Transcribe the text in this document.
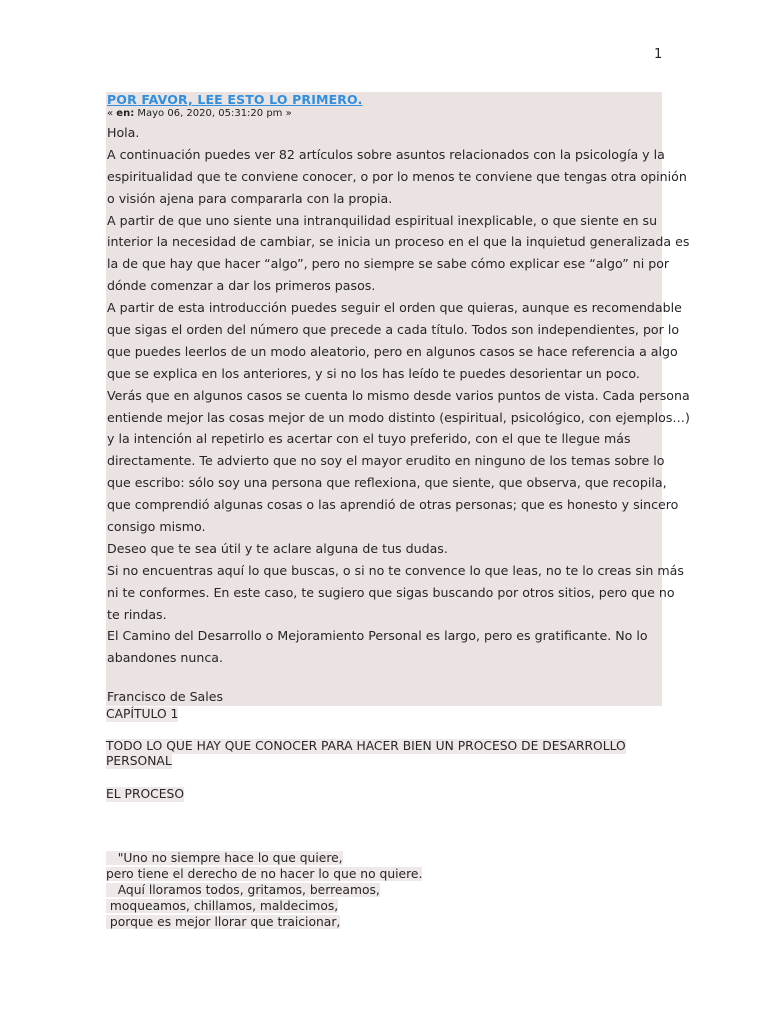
1
POR FAVOR, LEE ESTO LO PRIMERO.
« en: Mayo 06, 2020, 05:31:20 pm »
Hola.
A continuación puedes ver 82 artículos sobre asuntos relacionados con la psicología y la
espiritualidad que te conviene conocer, o por lo menos te conviene que tengas otra opinión
o visión ajena para compararla con la propia.
A partir de que uno siente una intranquilidad espiritual inexplicable, o que siente en su
interior la necesidad de cambiar, se inicia un proceso en el que la inquietud generalizada es
la de que hay que hacer “algo”, pero no siempre se sabe cómo explicar ese “algo” ni por
dónde comenzar a dar los primeros pasos.
A partir de esta introducción puedes seguir el orden que quieras, aunque es recomendable
que sigas el orden del número que precede a cada título. Todos son independientes, por lo
que puedes leerlos de un modo aleatorio, pero en algunos casos se hace referencia a algo
que se explica en los anteriores, y si no los has leído te puedes desorientar un poco.
Verás que en algunos casos se cuenta lo mismo desde varios puntos de vista. Cada persona
entiende mejor las cosas mejor de un modo distinto (espiritual, psicológico, con ejemplos…)
y la intención al repetirlo es acertar con el tuyo preferido, con el que te llegue más
directamente. Te advierto que no soy el mayor erudito en ninguno de los temas sobre lo
que escribo: sólo soy una persona que reflexiona, que siente, que observa, que recopila,
que comprendió algunas cosas o las aprendió de otras personas; que es honesto y sincero
consigo mismo.
Deseo que te sea útil y te aclare alguna de tus dudas.
Si no encuentras aquí lo que buscas, o si no te convence lo que leas, no te lo creas sin más
ni te conformes. En este caso, te sugiero que sigas buscando por otros sitios, pero que no
te rindas.
El Camino del Desarrollo o Mejoramiento Personal es largo, pero es gratificante. No lo
abandones nunca.
Francisco de Sales
CAPÍTULO 1
TODO LO QUE HAY QUE CONOCER PARA HACER BIEN UN PROCESO DE DESARROLLO
PERSONAL
EL PROCESO
"Uno no siempre hace lo que quiere,
pero tiene el derecho de no hacer lo que no quiere.
Aquí lloramos todos, gritamos, berreamos,
moqueamos, chillamos, maldecimos,
porque es mejor llorar que traicionar,
